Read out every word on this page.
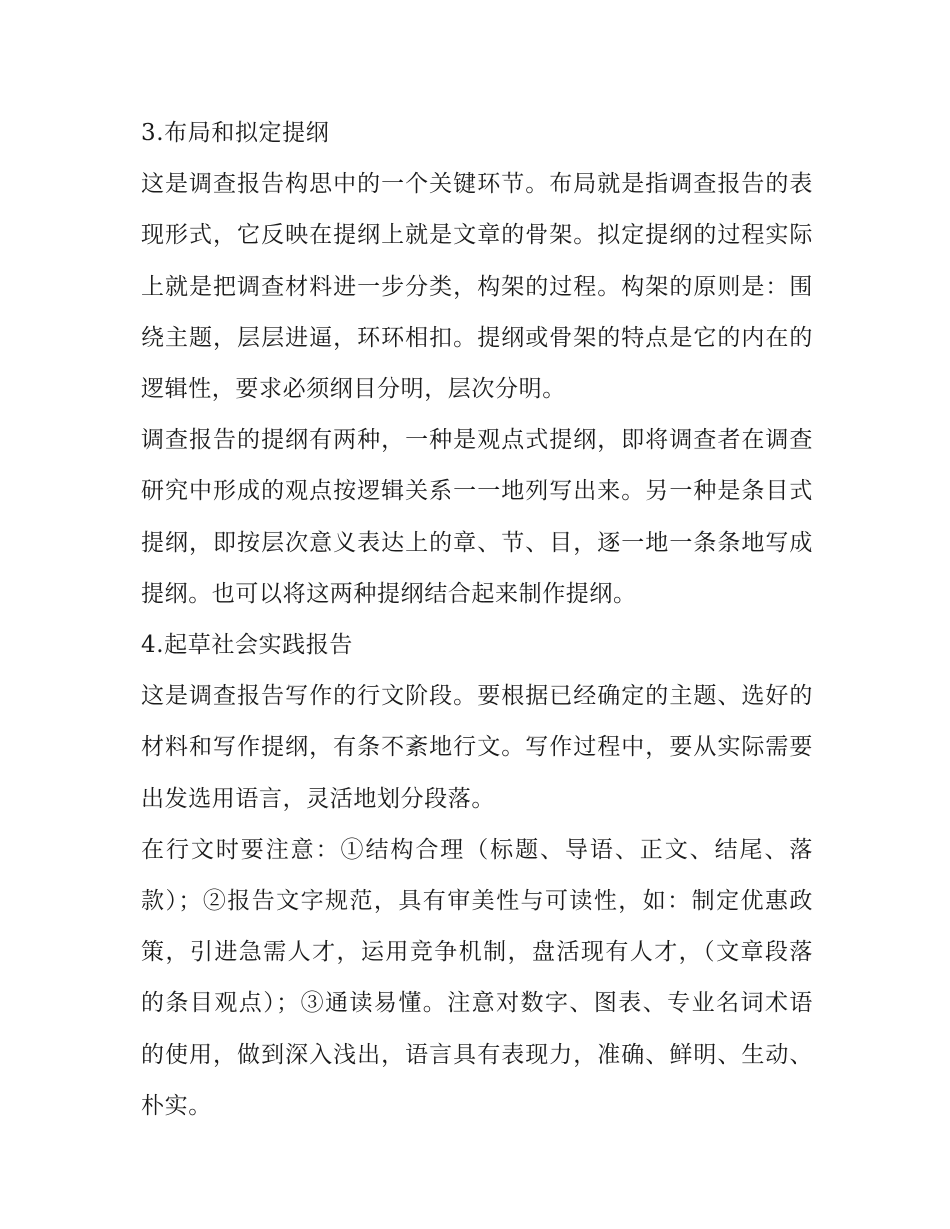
3.布局和拟定提纲

这是调查报告构思中的一个关键环节。布局就是指调查报告的表现形式，它反映在提纲上就是文章的骨架。拟定提纲的过程实际上就是把调查材料进一步分类，构架的过程。构架的原则是：围绕主题，层层进逼，环环相扣。提纲或骨架的特点是它的内在的逻辑性，要求必须纲目分明，层次分明。

调查报告的提纲有两种，一种是观点式提纲，即将调查者在调查研究中形成的观点按逻辑关系一一地列写出来。另一种是条目式提纲，即按层次意义表达上的章、节、目，逐一地一条条地写成提纲。也可以将这两种提纲结合起来制作提纲。

4.起草社会实践报告

这是调查报告写作的行文阶段。要根据已经确定的主题、选好的材料和写作提纲，有条不紊地行文。写作过程中，要从实际需要出发选用语言，灵活地划分段落。

在行文时要注意：①结构合理（标题、导语、正文、结尾、落款）；②报告文字规范，具有审美性与可读性，如：制定优惠政策，引进急需人才，运用竞争机制，盘活现有人才，（文章段落的条目观点）；③通读易懂。注意对数字、图表、专业名词术语的使用，做到深入浅出，语言具有表现力，准确、鲜明、生动、朴实。
